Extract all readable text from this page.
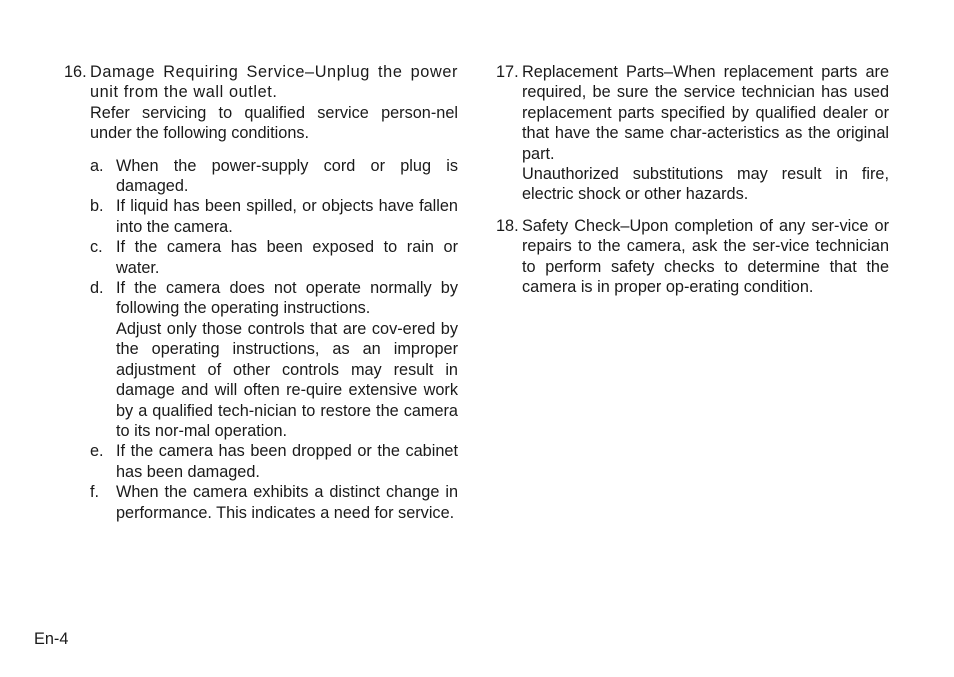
16. Damage Requiring Service–Unplug the power unit from the wall outlet.

Refer servicing to qualified service person-nel under the following conditions.

a. When the power-supply cord or plug is damaged.

b. If liquid has been spilled, or objects have fallen into the camera.

c. If the camera has been exposed to rain or water.

d. If the camera does not operate normally by following the operating instructions.

Adjust only those controls that are cov-ered by the operating instructions, as an improper adjustment of other controls may result in damage and will often re-quire extensive work by a qualified tech-nician to restore the camera to its nor-mal operation.

e. If the camera has been dropped or the cabinet has been damaged.

f. When the camera exhibits a distinct change in performance. This indicates a need for service.

17. Replacement Parts–When replacement parts are required, be sure the service technician has used replacement parts specified by qualified dealer or that have the same char-acteristics as the original part.

Unauthorized substitutions may result in fire, electric shock or other hazards.

18. Safety Check–Upon completion of any ser-vice or repairs to the camera, ask the ser-vice technician to perform safety checks to determine that the camera is in proper op-erating condition.

En-4
